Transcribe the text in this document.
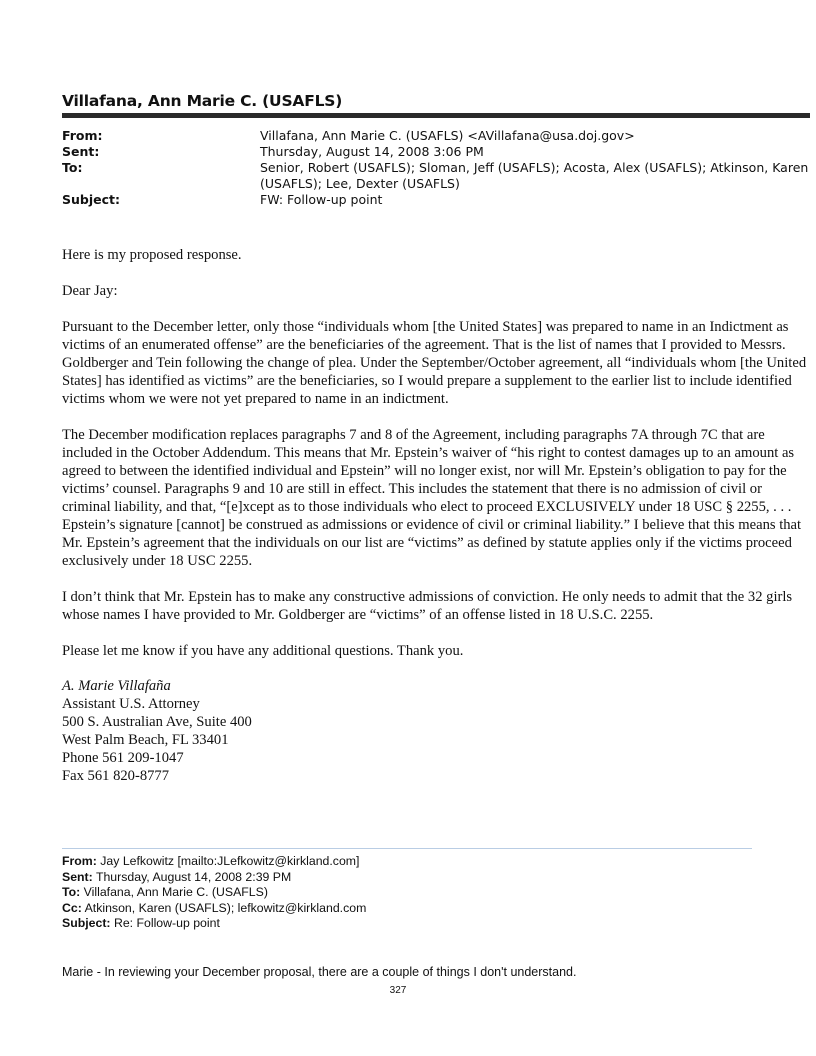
Villafana, Ann Marie C. (USAFLS)
From:	Villafana, Ann Marie C. (USAFLS) <AVillafana@usa.doj.gov>
Sent:	Thursday, August 14, 2008 3:06 PM
To:	Senior, Robert (USAFLS); Sloman, Jeff (USAFLS); Acosta, Alex (USAFLS); Atkinson, Karen
(USAFLS); Lee, Dexter (USAFLS)
Subject:	FW: Follow-up point

Here is my proposed response.

Dear Jay:

Pursuant to the December letter, only those “individuals whom [the United States] was prepared to name in an Indictment as victims of an enumerated offense” are the beneficiaries of the agreement. That is the list of names that I provided to Messrs. Goldberger and Tein following the change of plea. Under the September/October agreement, all “individuals whom [the United States] has identified as victims” are the beneficiaries, so I would prepare a supplement to the earlier list to include identified victims whom we were not yet prepared to name in an indictment.

The December modification replaces paragraphs 7 and 8 of the Agreement, including paragraphs 7A through 7C that are included in the October Addendum. This means that Mr. Epstein’s waiver of “his right to contest damages up to an amount as agreed to between the identified individual and Epstein” will no longer exist, nor will Mr. Epstein’s obligation to pay for the victims’ counsel. Paragraphs 9 and 10 are still in effect. This includes the statement that there is no admission of civil or criminal liability, and that, “[e]xcept as to those individuals who elect to proceed EXCLUSIVELY under 18 USC § 2255, . . . Epstein’s signature [cannot] be construed as admissions or evidence of civil or criminal liability.” I believe that this means that Mr. Epstein’s agreement that the individuals on our list are “victims” as defined by statute applies only if the victims proceed exclusively under 18 USC 2255.

I don’t think that Mr. Epstein has to make any constructive admissions of conviction. He only needs to admit that the 32 girls whose names I have provided to Mr. Goldberger are “victims” of an offense listed in 18 U.S.C. 2255.

Please let me know if you have any additional questions. Thank you.

A. Marie Villafaña
Assistant U.S. Attorney
500 S. Australian Ave, Suite 400
West Palm Beach, FL 33401
Phone 561 209-1047
Fax 561 820-8777
From: Jay Lefkowitz [mailto:JLefkowitz@kirkland.com]
Sent: Thursday, August 14, 2008 2:39 PM
To: Villafana, Ann Marie C. (USAFLS)
Cc: Atkinson, Karen (USAFLS); lefkowitz@kirkland.com
Subject: Re: Follow-up point
Marie - In reviewing your December proposal, there are a couple of things I don't understand.
327
